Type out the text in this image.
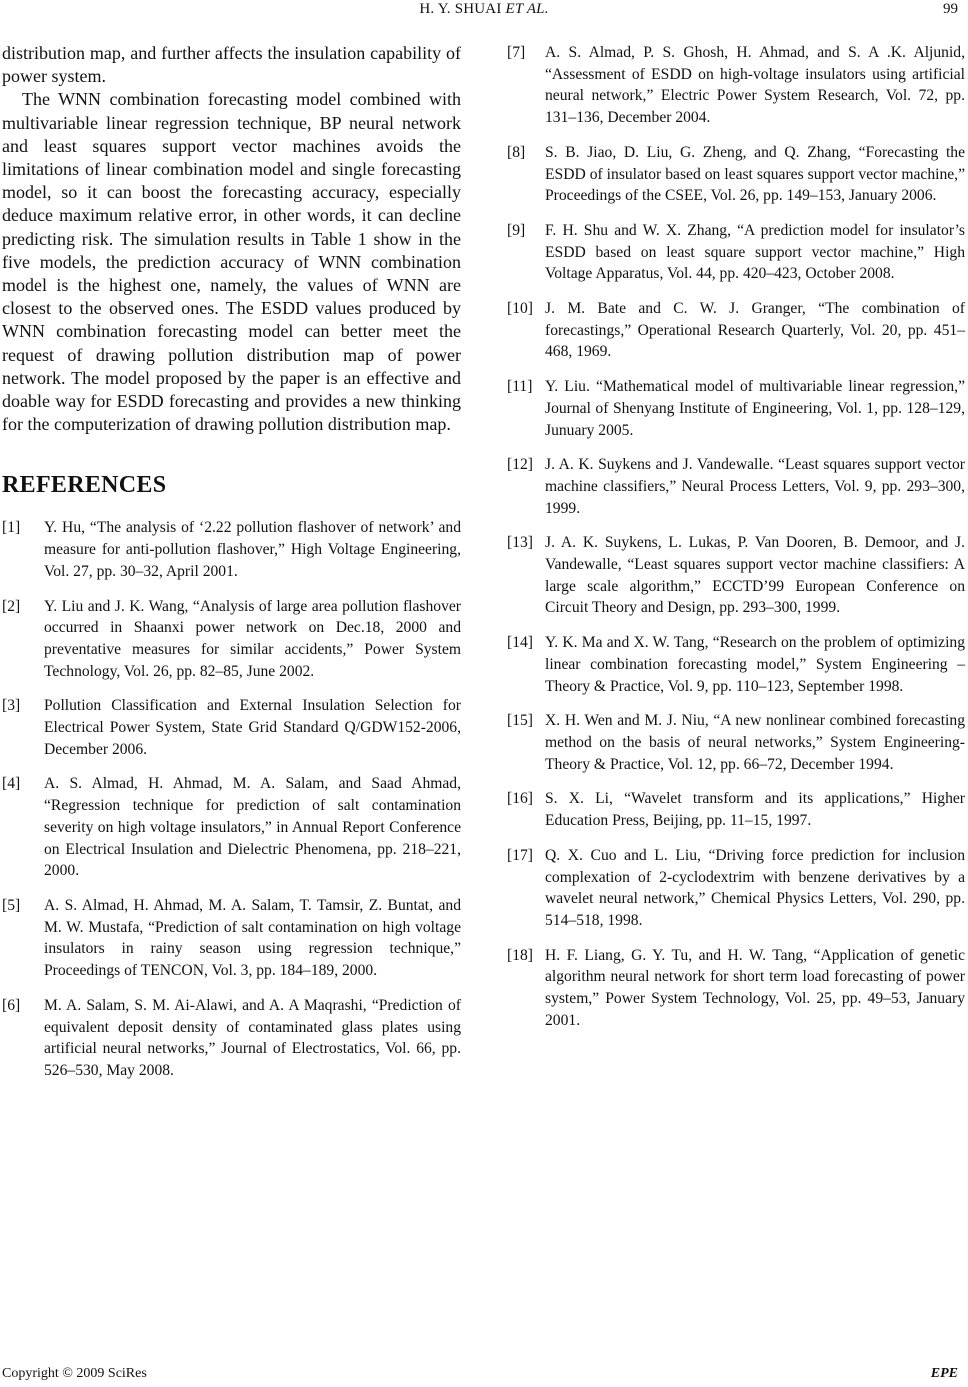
H. Y. SHUAI ET AL.	99

distribution map, and further affects the insulation capability of power system.

The WNN combination forecasting model combined with multivariable linear regression technique, BP neural network and least squares support vector machines avoids the limitations of linear combination model and single forecasting model, so it can boost the forecasting accuracy, especially deduce maximum relative error, in other words, it can decline predicting risk. The simulation results in Table 1 show in the five models, the prediction accuracy of WNN combination model is the highest one, namely, the values of WNN are closest to the observed ones. The ESDD values produced by WNN combination forecasting model can better meet the request of drawing pollution distribution map of power network. The model proposed by the paper is an effective and doable way for ESDD forecasting and provides a new thinking for the computerization of drawing pollution distribution map.

REFERENCES
[1]	Y. Hu, “The analysis of ‘2.22 pollution flashover of network’ and measure for anti-pollution flashover,” High Voltage Engineering, Vol. 27, pp. 30–32, April 2001.
[2]	Y. Liu and J. K. Wang, “Analysis of large area pollution flashover occurred in Shaanxi power network on Dec.18, 2000 and preventative measures for similar accidents,” Power System Technology, Vol. 26, pp. 82–85, June 2002.
[3]	Pollution Classification and External Insulation Selection for Electrical Power System, State Grid Standard Q/GDW152-2006, December 2006.
[4]	A. S. Almad, H. Ahmad, M. A. Salam, and Saad Ahmad, “Regression technique for prediction of salt contamination severity on high voltage insulators,” in Annual Report Conference on Electrical Insulation and Dielectric Phenomena, pp. 218–221, 2000.
[5]	A. S. Almad, H. Ahmad, M. A. Salam, T. Tamsir, Z. Buntat, and M. W. Mustafa, “Prediction of salt contamination on high voltage insulators in rainy season using regression technique,” Proceedings of TENCON, Vol. 3, pp. 184–189, 2000.
[6]	M. A. Salam, S. M. Ai-Alawi, and A. A Maqrashi, “Prediction of equivalent deposit density of contaminated glass plates using artificial neural networks,” Journal of Electrostatics, Vol. 66, pp. 526–530, May 2008.
[7]	A. S. Almad, P. S. Ghosh, H. Ahmad, and S. A .K. Aljunid, “Assessment of ESDD on high-voltage insulators using artificial neural network,” Electric Power System Research, Vol. 72, pp. 131–136, December 2004.
[8]	S. B. Jiao, D. Liu, G. Zheng, and Q. Zhang, “Forecasting the ESDD of insulator based on least squares support vector machine,” Proceedings of the CSEE, Vol. 26, pp. 149–153, January 2006.
[9]	F. H. Shu and W. X. Zhang, “A prediction model for insulator’s ESDD based on least square support vector machine,” High Voltage Apparatus, Vol. 44, pp. 420–423, October 2008.
[10] J. M. Bate and C. W. J. Granger, “The combination of forecastings,” Operational Research Quarterly, Vol. 20, pp. 451–468, 1969.
[11] Y. Liu. “Mathematical model of multivariable linear regression,” Journal of Shenyang Institute of Engineering, Vol. 1, pp. 128–129, Junuary 2005.
[12] J. A. K. Suykens and J. Vandewalle. “Least squares support vector machine classifiers,” Neural Process Letters, Vol. 9, pp. 293–300, 1999.
[13] J. A. K. Suykens, L. Lukas, P. Van Dooren, B. Demoor, and J. Vandewalle, “Least squares support vector machine classifiers: A large scale algorithm,” ECCTD’99 European Conference on Circuit Theory and Design, pp. 293–300, 1999.
[14] Y. K. Ma and X. W. Tang, “Research on the problem of optimizing linear combination forecasting model,” System Engineering – Theory & Practice, Vol. 9, pp. 110–123, September 1998.
[15] X. H. Wen and M. J. Niu, “A new nonlinear combined forecasting method on the basis of neural networks,” System Engineering-Theory & Practice, Vol. 12, pp. 66–72, December 1994.
[16] S. X. Li, “Wavelet transform and its applications,” Higher Education Press, Beijing, pp. 11–15, 1997.
[17] Q. X. Cuo and L. Liu, “Driving force prediction for inclusion complexation of 2-cyclodextrim with benzene derivatives by a wavelet neural network,” Chemical Physics Letters, Vol. 290, pp. 514–518, 1998.
[18] H. F. Liang, G. Y. Tu, and H. W. Tang, “Application of genetic algorithm neural network for short term load forecasting of power system,” Power System Technology, Vol. 25, pp. 49–53, January 2001.
Copyright © 2009 SciRes	EPE
